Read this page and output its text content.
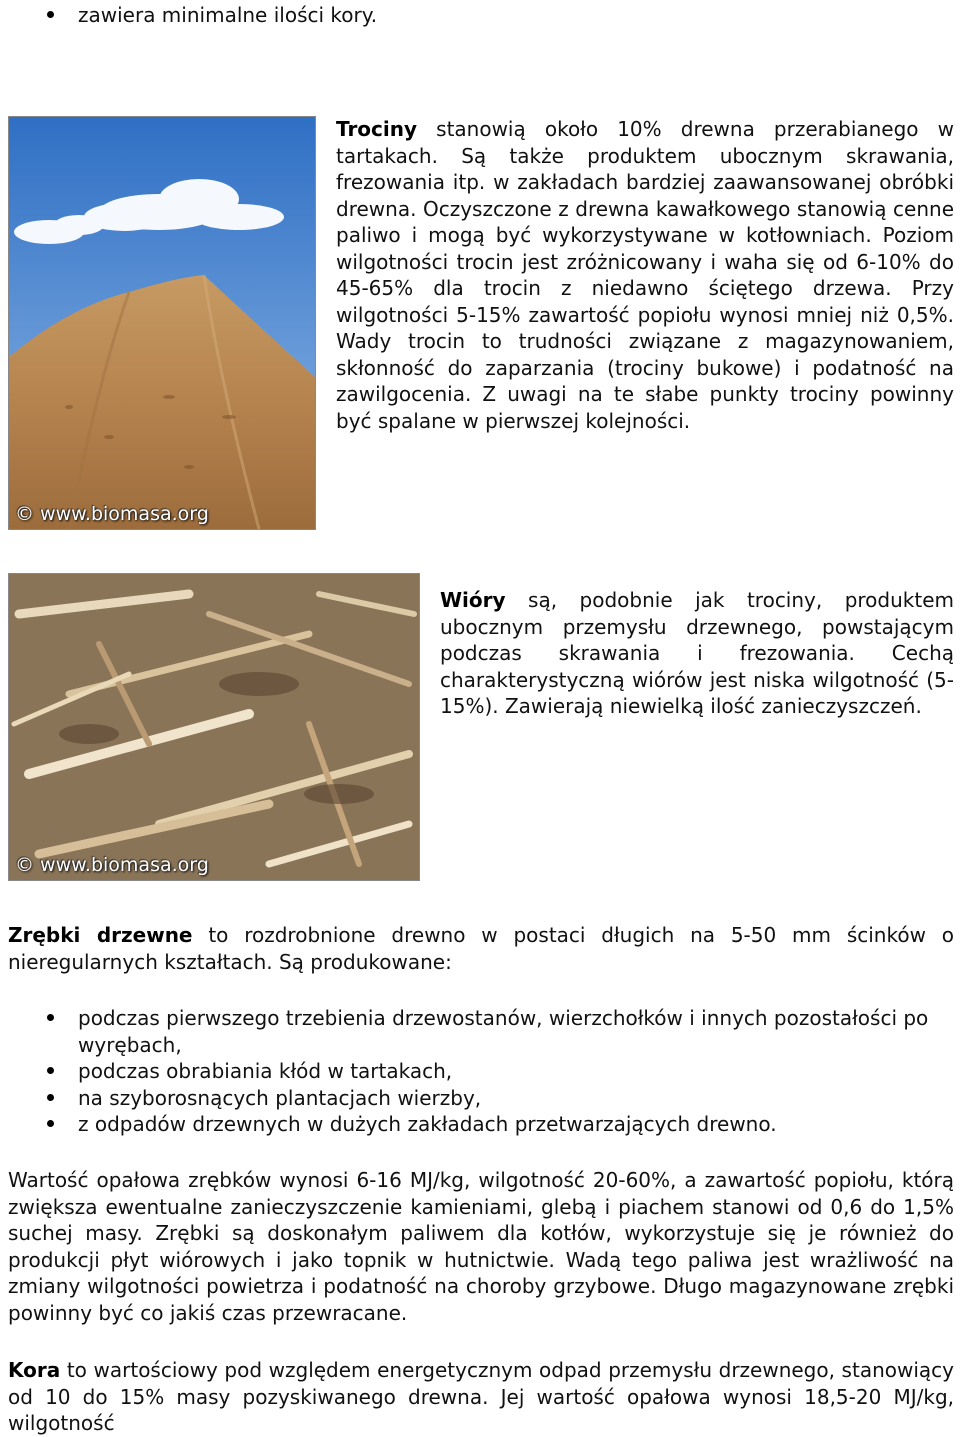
zawiera minimalne ilości kory.
© www.biomasa.org

Trociny stanowią około 10% drewna przerabianego w tartakach. Są także produktem ubocznym skrawania, frezowania itp. w zakładach bardziej zaawansowanej obróbki drewna. Oczyszczone z drewna kawałkowego stanowią cenne paliwo i mogą być wykorzystywane w kotłowniach. Poziom wilgotności trocin jest zróżnicowany i waha się od 6-10% do 45-65% dla trocin z niedawno ściętego drzewa. Przy wilgotności 5-15% zawartość popiołu wynosi mniej niż 0,5%. Wady trocin to trudności związane z magazynowaniem, skłonność do zaparzania (trociny bukowe) i podatność na zawilgocenia. Z uwagi na te słabe punkty trociny powinny być spalane w pierwszej kolejności.

© www.biomasa.org

Wióry są, podobnie jak trociny, produktem ubocznym przemysłu drzewnego, powstającym podczas skrawania i frezowania. Cechą charakterystyczną wiórów jest niska wilgotność (5-15%). Zawierają niewielką ilość zanieczyszczeń.

Zrębki drzewne to rozdrobnione drewno w postaci długich na 5-50 mm ścinków o nieregularnych kształtach. Są produkowane:

podczas pierwszego trzebienia drzewostanów, wierzchołków i innych pozostałości po wyrębach,
podczas obrabiania kłód w tartakach,
na szyborosnących plantacjach wierzby,
z odpadów drzewnych w dużych zakładach przetwarzających drewno.

Wartość opałowa zrębków wynosi 6-16 MJ/kg, wilgotność 20-60%, a zawartość popiołu, którą zwiększa ewentualne zanieczyszczenie kamieniami, glebą i piachem stanowi od 0,6 do 1,5% suchej masy. Zrębki są doskonałym paliwem dla kotłów, wykorzystuje się je również do produkcji płyt wiórowych i jako topnik w hutnictwie. Wadą tego paliwa jest wrażliwość na zmiany wilgotności powietrza i podatność na choroby grzybowe. Długo magazynowane zrębki powinny być co jakiś czas przewracane.

Kora to wartościowy pod względem energetycznym odpad przemysłu drzewnego, stanowiący od 10 do 15% masy pozyskiwanego drewna. Jej wartość opałowa wynosi 18,5-20 MJ/kg, wilgotność
